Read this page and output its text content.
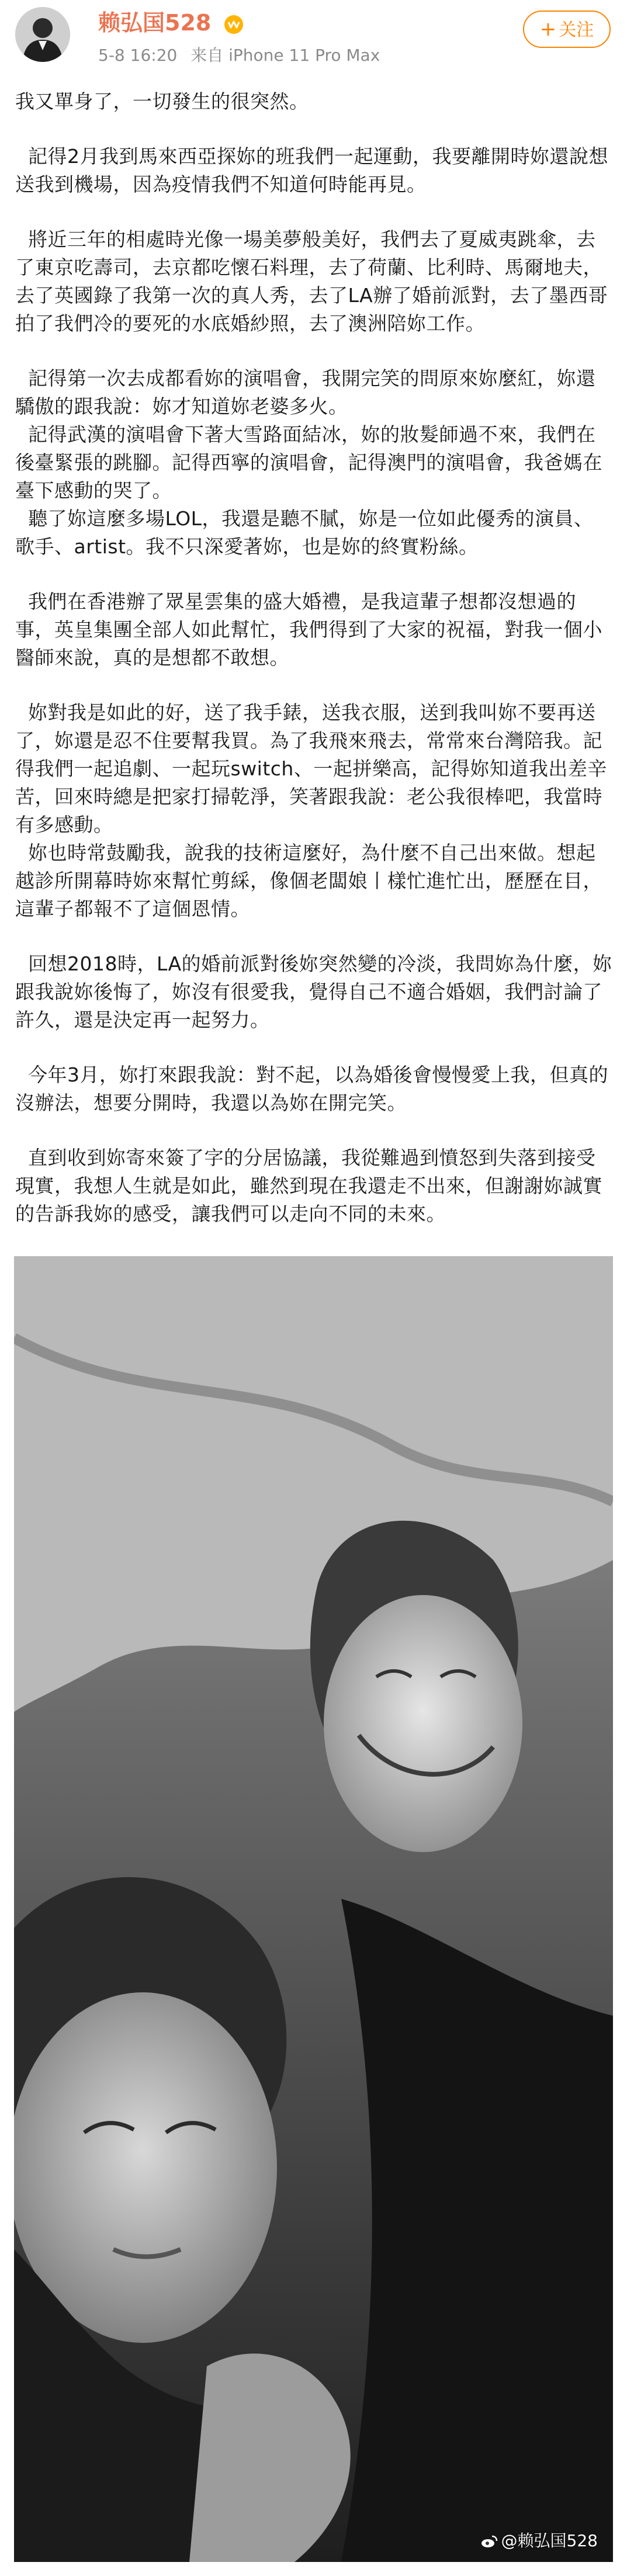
赖弘国528
5-8 16:20 来自 iPhone 11 Pro Max
+ 关注

我又單身了，一切發生的很突然。

記得2月我到馬來西亞探妳的班我們一起運動，我要離開時妳還說想送我到機場，因為疫情我們不知道何時能再見。

將近三年的相處時光像一場美夢般美好，我們去了夏威夷跳傘，去了東京吃壽司，去京都吃懷石料理，去了荷蘭、比利時、馬爾地夫，去了英國錄了我第一次的真人秀，去了LA辦了婚前派對，去了墨西哥拍了我們冷的要死的水底婚紗照，去了澳洲陪妳工作。

記得第一次去成都看妳的演唱會，我開完笑的問原來妳麼紅，妳還驕傲的跟我說：妳才知道妳老婆多火。
記得武漢的演唱會下著大雪路面結冰，妳的妝髮師過不來，我們在後臺緊張的跳腳。記得西寧的演唱會，記得澳門的演唱會，我爸媽在臺下感動的哭了。
聽了妳這麼多場LOL，我還是聽不膩，妳是一位如此優秀的演員、歌手、artist。我不只深愛著妳，也是妳的終實粉絲。

我們在香港辦了眾星雲集的盛大婚禮，是我這輩子想都沒想過的事，英皇集團全部人如此幫忙，我們得到了大家的祝福，對我一個小醫師來說，真的是想都不敢想。

妳對我是如此的好，送了我手錶，送我衣服，送到我叫妳不要再送了，妳還是忍不住要幫我買。為了我飛來飛去，常常來台灣陪我。記得我們一起追劇、一起玩switch、一起拼樂高，記得妳知道我出差辛苦，回來時總是把家打掃乾淨，笑著跟我說：老公我很棒吧，我當時有多感動。
妳也時常鼓勵我，說我的技術這麼好，為什麼不自己出來做。想起越診所開幕時妳來幫忙剪綵，像個老闆娘丨樣忙進忙出，歷歷在目，這輩子都報不了這個恩情。

回想2018時，LA的婚前派對後妳突然變的冷淡，我問妳為什麼，妳跟我說妳後悔了，妳沒有很愛我，覺得自己不適合婚姻，我們討論了許久，還是決定再一起努力。

今年3月，妳打來跟我說：對不起，以為婚後會慢慢愛上我，但真的沒辦法，想要分開時，我還以為妳在開完笑。

直到收到妳寄來簽了字的分居協議，我從難過到憤怒到失落到接受現實，我想人生就是如此，雖然到現在我還走不出來，但謝謝妳誠實的告訴我妳的感受，讓我們可以走向不同的未來。

@赖弘国528
